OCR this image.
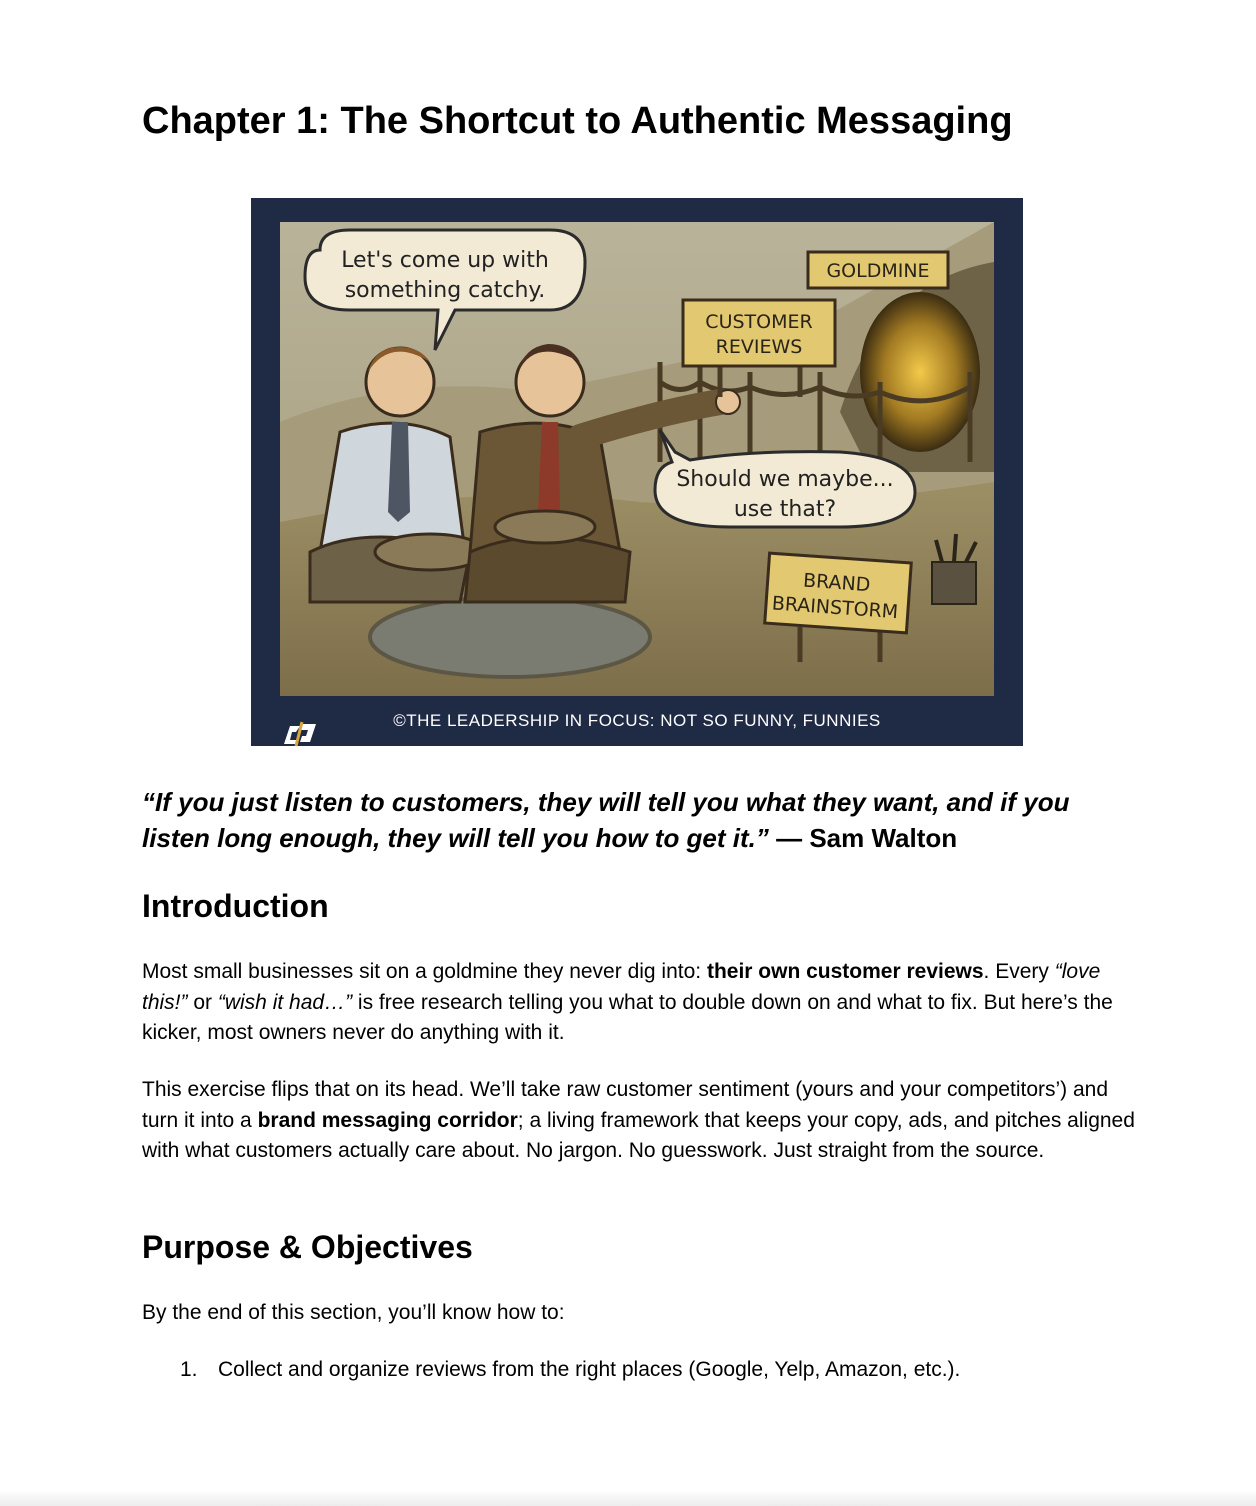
Chapter 1: The Shortcut to Authentic Messaging
Let's come up with
something catchy.
Should we maybe...
use that?
GOLDMINE
CUSTOMER
REVIEWS
BRAND
BRAINSTORM
©THE LEADERSHIP IN FOCUS: NOT SO FUNNY, FUNNIES

“If you just listen to customers, they will tell you what they want, and if you listen long enough, they will tell you how to get it.” — Sam Walton

Introduction

Most small businesses sit on a goldmine they never dig into: their own customer reviews. Every “love this!” or “wish it had…” is free research telling you what to double down on and what to fix. But here’s the kicker, most owners never do anything with it.

This exercise flips that on its head. We’ll take raw customer sentiment (yours and your competitors’) and turn it into a brand messaging corridor; a living framework that keeps your copy, ads, and pitches aligned with what customers actually care about. No jargon. No guesswork. Just straight from the source.

Purpose & Objectives

By the end of this section, you’ll know how to:

1. Collect and organize reviews from the right places (Google, Yelp, Amazon, etc.).
